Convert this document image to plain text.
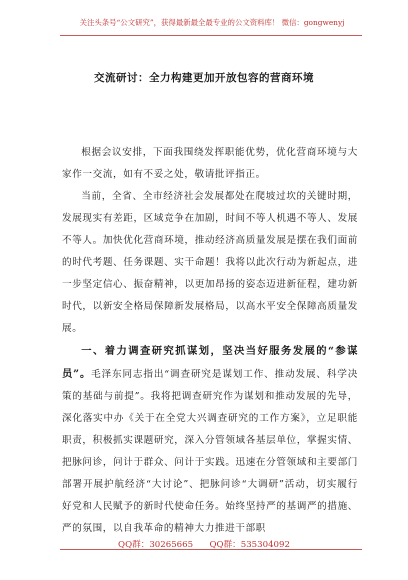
关注头条号“公文研究”，获得最新最全最专业的公文资料库！ 微信：gongwenyj
交流研讨：全力构建更加开放包容的营商环境

根据会议安排，下面我围绕发挥职能优势，优化营商环境与大家作一交流，如有不妥之处，敬请批评指正。

当前，全省、全市经济社会发展都处在爬坡过坎的关键时期，发展现实有差距，区域竞争在加剧，时间不等人机遇不等人、发展不等人。加快优化营商环境，推动经济高质量发展是摆在我们面前的时代考题、任务课题、实干命题！我将以此次行动为新起点，进一步坚定信心、振奋精神，以更加昂扬的姿态迈进新征程，建功新时代，以新安全格局保障新发展格局，以高水平安全保障高质量发展。

一、着力调查研究抓谋划，坚决当好服务发展的“参谋员”。毛泽东同志指出“调查研究是谋划工作、推动发展、科学决策的基础与前提”。我将把调查研究作为谋划和推动发展的先导，深化落实中办《关于在全党大兴调查研究的工作方案》，立足职能职责，积极抓实课题研究，深入分管领域各基层单位，掌握实情、把脉问诊，问计于群众、问计于实践。迅速在分管领域和主要部门部署开展护航经济“大讨论”、把脉问诊“大调研”活动，切实履行好党和人民赋予的新时代使命任务。始终坚持严的基调严的措施、严的氛围，以自我革命的精神大力推进干部职

QQ群：30265665      QQ群：535304092
